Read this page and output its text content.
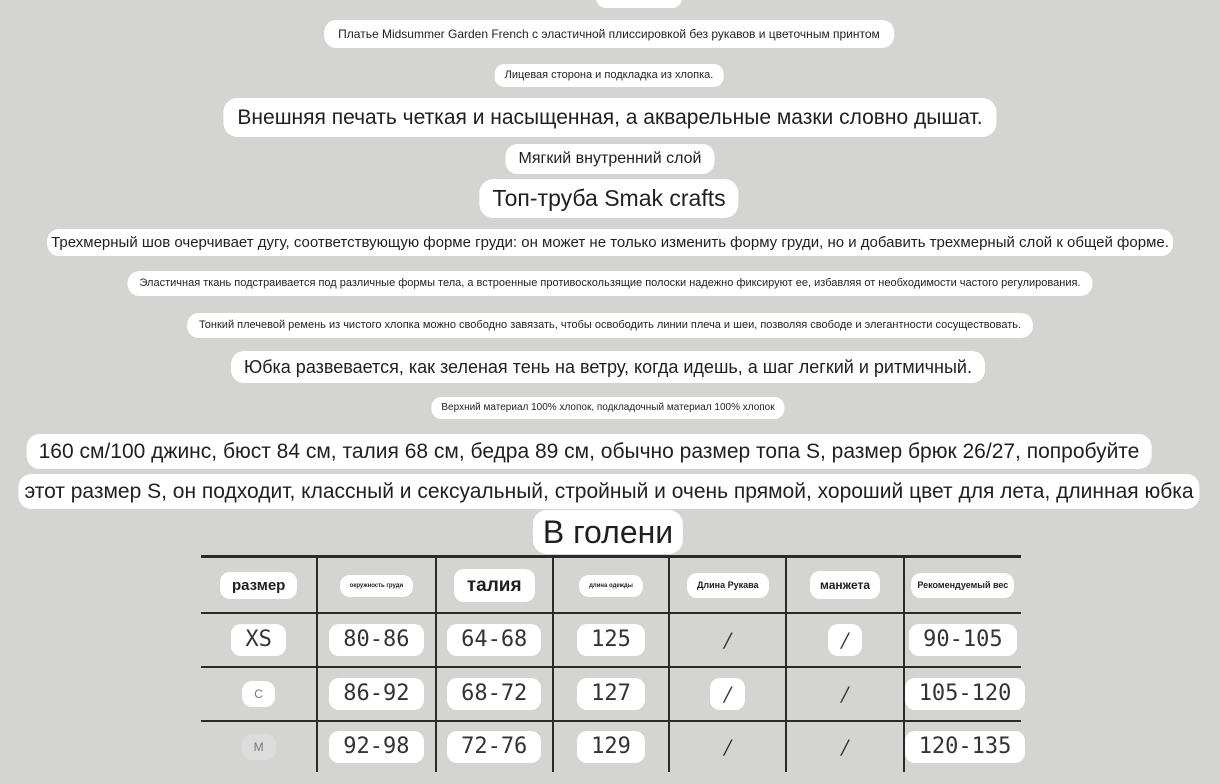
Платье Midsummer Garden French с эластичной плиссировкой без рукавов и цветочным принтом
Лицевая сторона и подкладка из хлопка.
Внешняя печать четкая и насыщенная, а акварельные мазки словно дышат.
Мягкий внутренний слой
Топ-труба Smak crafts
Трехмерный шов очерчивает дугу, соответствующую форме груди: он может не только изменить форму груди, но и добавить трехмерный слой к общей форме.
Эластичная ткань подстраивается под различные формы тела, а встроенные противоскользящие полоски надежно фиксируют ее, избавляя от необходимости частого регулирования.
Тонкий плечевой ремень из чистого хлопка можно свободно завязать, чтобы освободить линии плеча и шеи, позволяя свободе и элегантности сосуществовать.
Юбка развевается, как зеленая тень на ветру, когда идешь, а шаг легкий и ритмичный.
Верхний материал 100% хлопок, подкладочный материал 100% хлопок
160 см/100 джинс, бюст 84 см, талия 68 см, бедра 89 см, обычно размер топа S, размер брюк 26/27, попробуйте
этот размер S, он подходит, классный и сексуальный, стройный и очень прямой, хороший цвет для лета, длинная юбка
В голени
размер	окружность груди	талия	длина одежды	Длина Рукава	манжета	Рекомендуемый вес
XS	80-86	64-68	125	/	/	90-105
С	86-92	68-72	127	/	/	105-120
М	92-98	72-76	129	/	/	120-135
